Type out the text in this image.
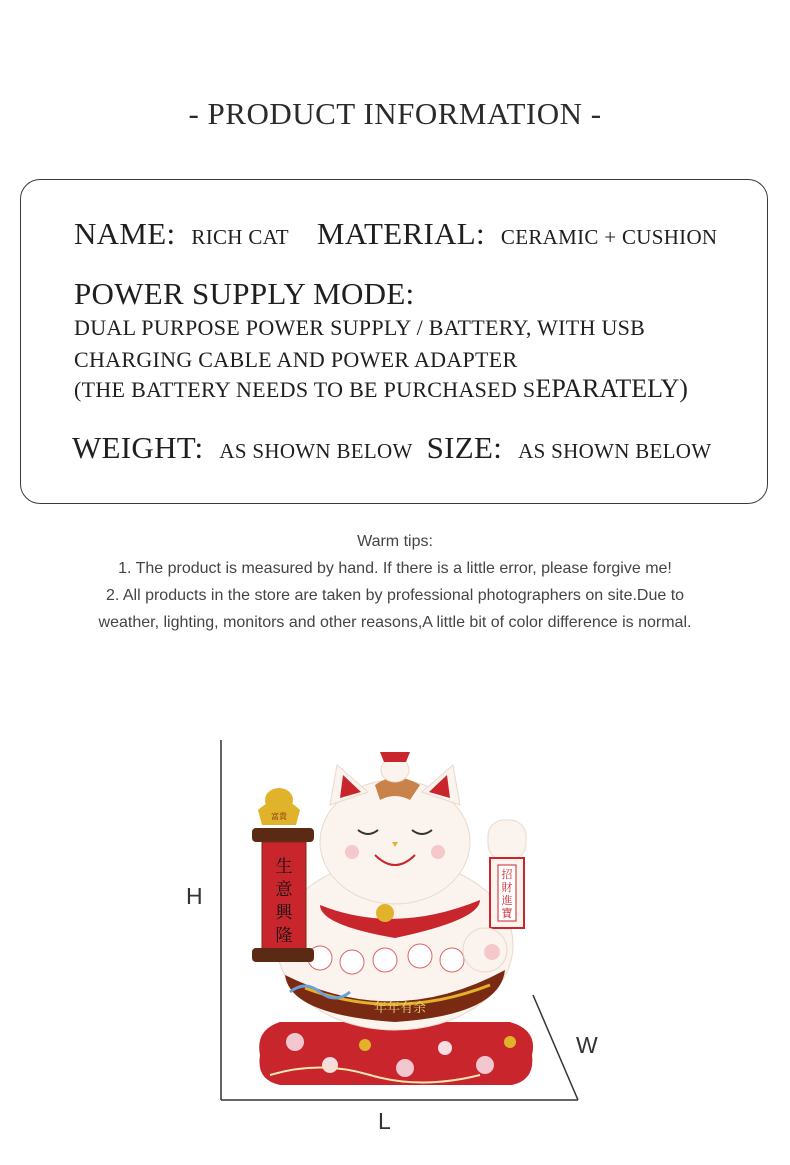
- PRODUCT INFORMATION -
NAME: RICH CAT MATERIAL: CERAMIC + CUSHION
POWER SUPPLY MODE:
DUAL PURPOSE POWER SUPPLY / BATTERY, WITH USB
CHARGING CABLE AND POWER ADAPTER
(THE BATTERY NEEDS TO BE PURCHASED SEPARATELY)
WEIGHT: AS SHOWN BELOW SIZE: AS SHOWN BELOW
Warm tips:
1. The product is measured by hand. If there is a little error, please forgive me!
2. All products in the store are taken by professional photographers on site.Due to
weather, lighting, monitors and other reasons,A little bit of color difference is normal.
生
意
興
隆
招
財
進
寶
年年有余
富貴
H
W
L
